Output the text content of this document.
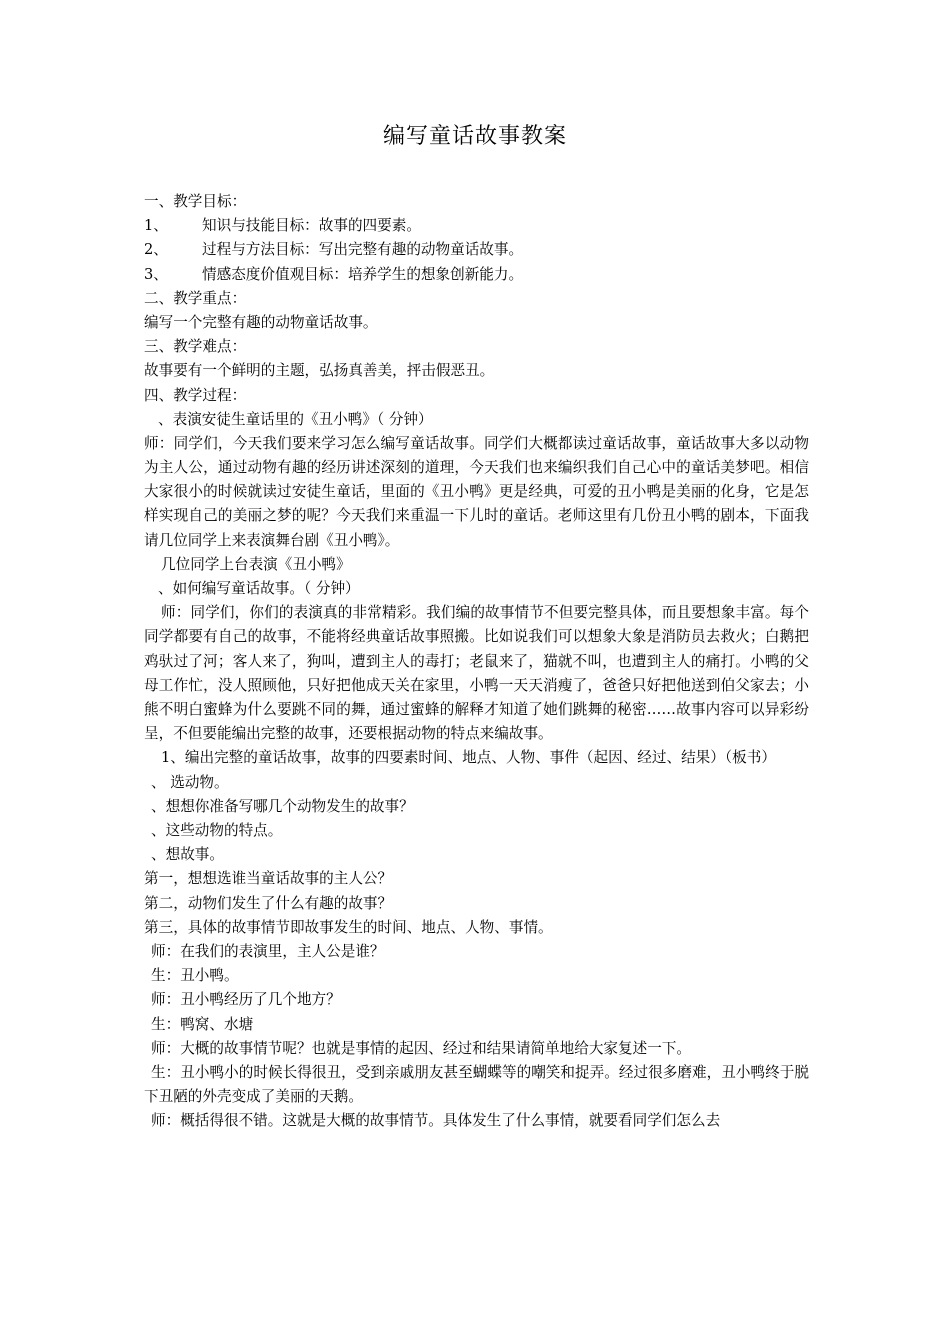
编写童话故事教案
一、教学目标：
1、 知识与技能目标：故事的四要素。
2、 过程与方法目标：写出完整有趣的动物童话故事。
3、 情感态度价值观目标：培养学生的想象创新能力。
二、教学重点：
编写一个完整有趣的动物童话故事。
三、教学难点：
故事要有一个鲜明的主题，弘扬真善美，抨击假恶丑。
四、教学过程：
、表演安徒生童话里的《丑小鸭》（ 分钟）
师：同学们，今天我们要来学习怎么编写童话故事。同学们大概都读过童话故事，童话故事大多以动物为主人公，通过动物有趣的经历讲述深刻的道理，今天我们也来编织我们自己心中的童话美梦吧。相信大家很小的时候就读过安徒生童话，里面的《丑小鸭》更是经典，可爱的丑小鸭是美丽的化身，它是怎样实现自己的美丽之梦的呢？今天我们来重温一下儿时的童话。老师这里有几份丑小鸭的剧本，下面我请几位同学上来表演舞台剧《丑小鸭》。
几位同学上台表演《丑小鸭》
、如何编写童话故事。（ 分钟）
师：同学们，你们的表演真的非常精彩。我们编的故事情节不但要完整具体，而且要想象丰富。每个同学都要有自己的故事，不能将经典童话故事照搬。比如说我们可以想象大象是消防员去救火；白鹅把鸡驮过了河；客人来了，狗叫，遭到主人的毒打；老鼠来了，猫就不叫，也遭到主人的痛打。小鸭的父母工作忙，没人照顾他，只好把他成天关在家里，小鸭一天天消瘦了，爸爸只好把他送到伯父家去；小熊不明白蜜蜂为什么要跳不同的舞，通过蜜蜂的解释才知道了她们跳舞的秘密……故事内容可以异彩纷呈，不但要能编出完整的故事，还要根据动物的特点来编故事。
1、编出完整的童话故事，故事的四要素时间、地点、人物、事件（起因、经过、结果）（板书）
、 选动物。
、想想你准备写哪几个动物发生的故事？
、这些动物的特点。
、想故事。
第一，想想选谁当童话故事的主人公？
第二，动物们发生了什么有趣的故事？
第三，具体的故事情节即故事发生的时间、地点、人物、事情。
师：在我们的表演里，主人公是谁？
生：丑小鸭。
师：丑小鸭经历了几个地方？
生：鸭窝、水塘
师：大概的故事情节呢？也就是事情的起因、经过和结果请简单地给大家复述一下。
生：丑小鸭小的时候长得很丑，受到亲戚朋友甚至蝴蝶等的嘲笑和捉弄。经过很多磨难，丑小鸭终于脱下丑陋的外壳变成了美丽的天鹅。
师：概括得很不错。这就是大概的故事情节。具体发生了什么事情，就要看同学们怎么去
